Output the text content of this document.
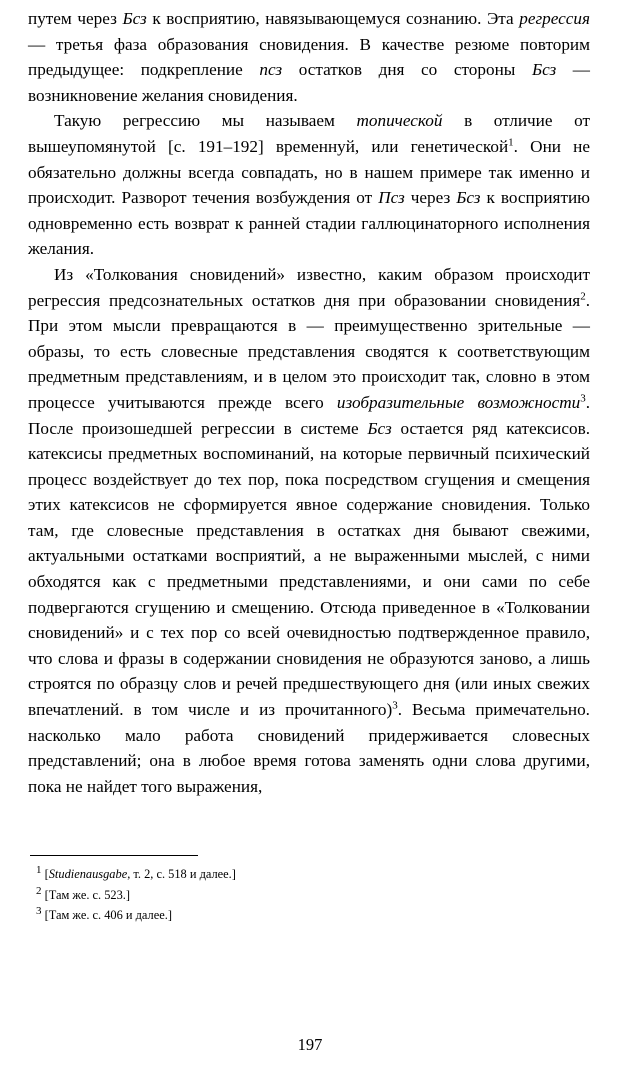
путем через Бсз к восприятию, навязывающемуся сознанию. Эта регрессия — третья фаза образования сновидения. В качестве резюме повторим предыдущее: подкрепление псз остатков дня со стороны Бсз — возникновение желания сновидения.

Такую регрессию мы называем топической в отличие от вышеупомянутой [с. 191–192] временнуй, или генетической$^1$. Они не обязательно должны всегда совпадать, но в нашем примере так именно и происходит. Разворот течения возбуждения от Псз через Бсз к восприятию одновременно есть возврат к ранней стадии галлюцинаторного исполнения желания.

Из «Толкования сновидений» известно, каким образом происходит регрессия предсознательных остатков дня при образовании сновидения$^2$. При этом мысли превращаются в — преимущественно зрительные — образы, то есть словесные представления сводятся к соответствующим предметным представлениям, и в целом это происходит так, словно в этом процессе учитываются прежде всего изобразительные возможности$^3$. После произошедшей регрессии в системе Бсз остается ряд катексисов. катексисы предметных воспоминаний, на которые первичный психический процесс воздействует до тех пор, пока посредством сгущения и смещения этих катексисов не сформируется явное содержание сновидения. Только там, где словесные представления в остатках дня бывают свежими, актуальными остатками восприятий, а не выраженными мыслей, с ними обходятся как с предметными представлениями, и они сами по себе подвергаются сгущению и смещению. Отсюда приведенное в «Толковании сновидений» и с тех пор со всей очевидностью подтвержденное правило, что слова и фразы в содержании сновидения не образуются заново, а лишь строятся по образцу слов и речей предшествующего дня (или иных свежих впечатлений. в том числе и из прочитанного)$^3$. Весьма примечательно. насколько мало работа сновидений придерживается словесных представлений; она в любое время готова заменять одни слова другими, пока не найдет того выражения,

$^1$ [Studienausgabe, т. 2, с. 518 и далее.]

$^2$ [Там же. с. 523.]

$^3$ [Там же. с. 406 и далее.]

197
